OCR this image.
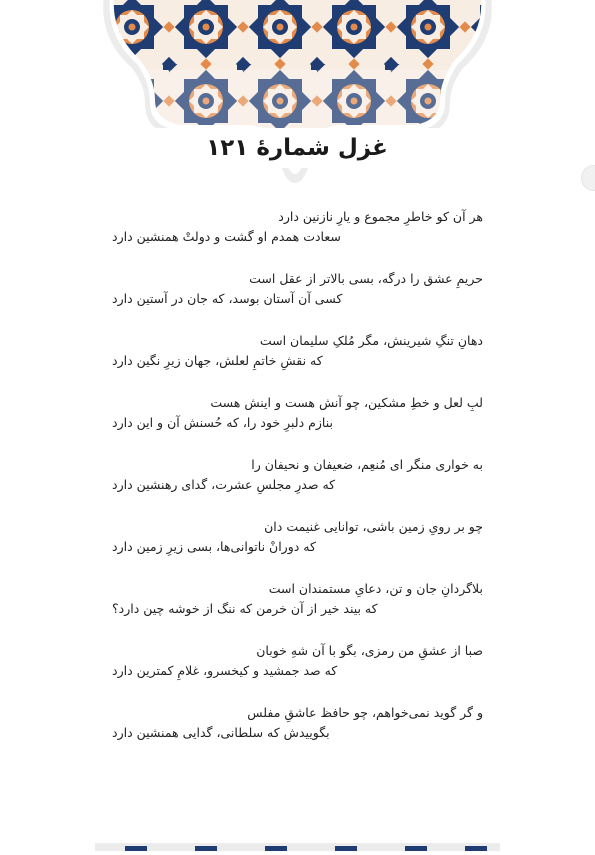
غزل شمارهٔ ۱۲۱
هر آن کو خاطرِ مجموع و یارِ نازنین دارد
سعادت همدم او گشت و دولتْ همنشین دارد
حریمِ عشق را درگه، بسی بالاتر از عقل است
کسی آن آستان بوسد، که جان در آستین دارد
دهانِ تنگِ شیرینش، مگر مُلکِ سلیمان است
که نقشِ خاتمِ لعلش، جهان زیرِ نگین دارد
لبِ لعل و خطِ مشکین، چو آنش هست و اینش هست
بنازم دلبرِ خود را، که حُسنش آن و این دارد
به خواری منگر ای مُنعِم، ضعیفان و نحیفان را
که صدرِ مجلسِ عشرت، گدای رهنشین دارد
چو بر رویِ زمین باشی، توانایی غنیمت دان
که دورانْ ناتوانی‌ها، بسی زیرِ زمین دارد
بلاگردانِ جان و تن، دعایِ مستمندان است
که بیند خیر از آن خرمن که ننگ از خوشه چین دارد؟
صبا از عشقِ من رمزی، بگو با آن شهِ خوبان
که صد جمشید و کیخسرو، غلامِ کمترین دارد
و گر گوید نمی‌خواهم، چو حافظ عاشقِ مفلس
بگوییدش که سلطانی، گدایی همنشین دارد
